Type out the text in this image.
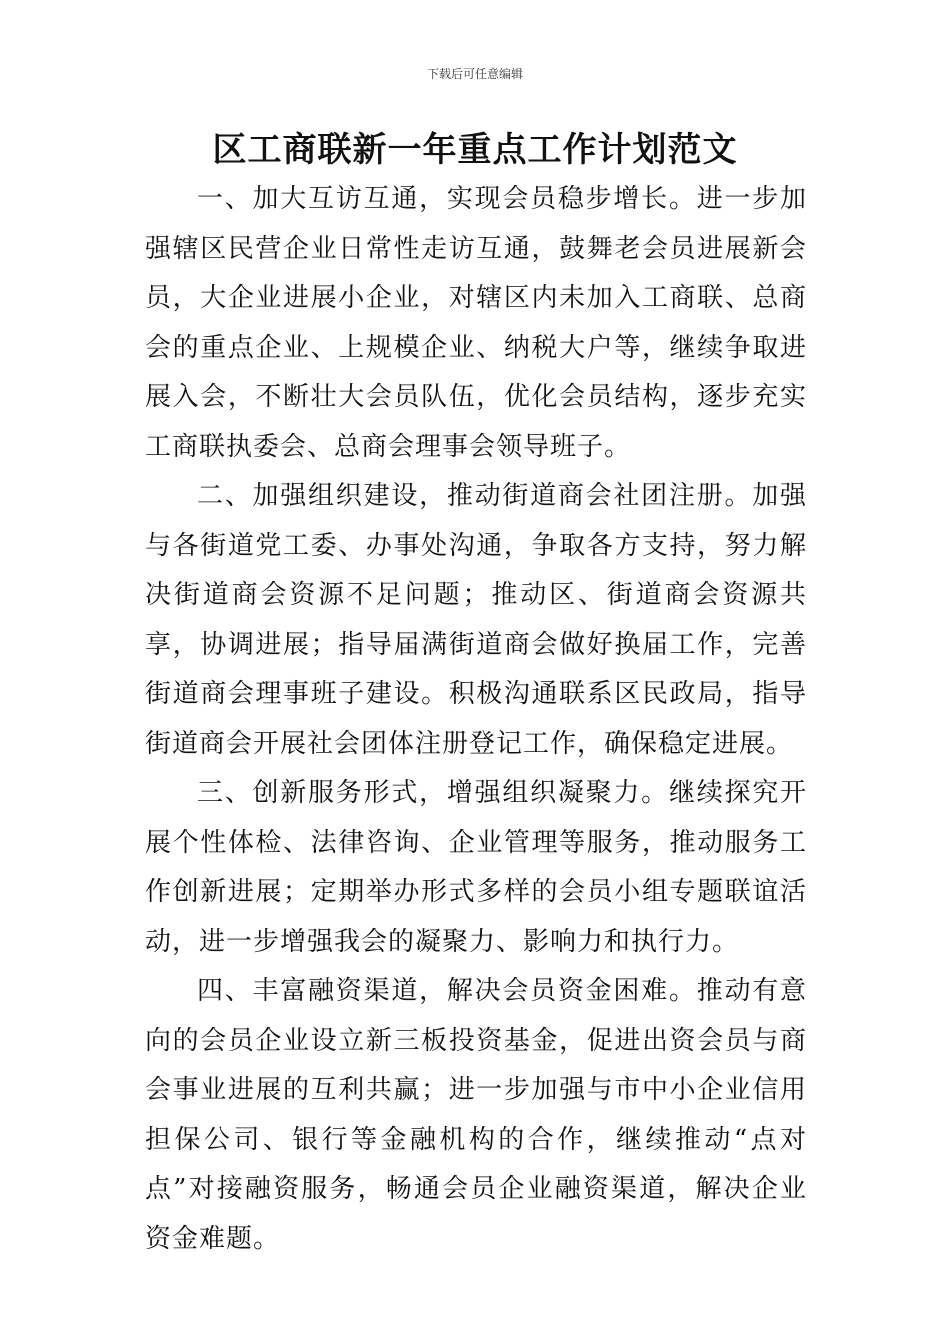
下载后可任意编辑
区工商联新一年重点工作计划范文

一、加大互访互通，实现会员稳步增长。进一步加强辖区民营企业日常性走访互通，鼓舞老会员进展新会员，大企业进展小企业，对辖区内未加入工商联、总商会的重点企业、上规模企业、纳税大户等，继续争取进展入会，不断壮大会员队伍，优化会员结构，逐步充实工商联执委会、总商会理事会领导班子。

二、加强组织建设，推动街道商会社团注册。加强与各街道党工委、办事处沟通，争取各方支持，努力解决街道商会资源不足问题；推动区、街道商会资源共享，协调进展；指导届满街道商会做好换届工作，完善街道商会理事班子建设。积极沟通联系区民政局，指导街道商会开展社会团体注册登记工作，确保稳定进展。

三、创新服务形式，增强组织凝聚力。继续探究开展个性体检、法律咨询、企业管理等服务，推动服务工作创新进展；定期举办形式多样的会员小组专题联谊活动，进一步增强我会的凝聚力、影响力和执行力。

四、丰富融资渠道，解决会员资金困难。推动有意向的会员企业设立新三板投资基金，促进出资会员与商会事业进展的互利共赢；进一步加强与市中小企业信用担保公司、银行等金融机构的合作，继续推动“点对点”对接融资服务，畅通会员企业融资渠道，解决企业资金难题。
